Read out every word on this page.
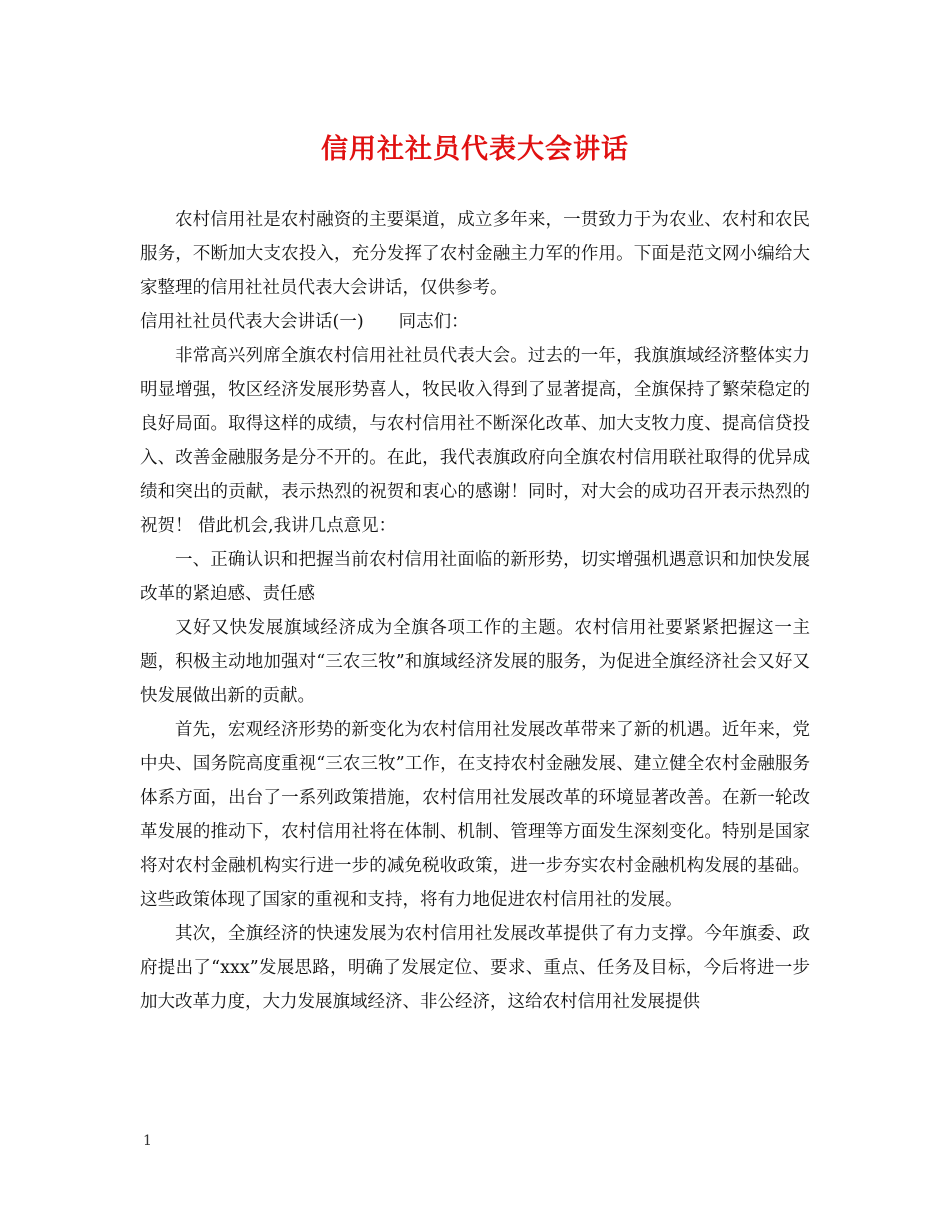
信用社社员代表大会讲话

农村信用社是农村融资的主要渠道，成立多年来，一贯致力于为农业、农村和农民服务，不断加大支农投入，充分发挥了农村金融主力军的作用。下面是范文网小编给大家整理的信用社社员代表大会讲话，仅供参考。

信用社社员代表大会讲话(一)　　同志们：

非常高兴列席全旗农村信用社社员代表大会。过去的一年，我旗旗域经济整体实力明显增强，牧区经济发展形势喜人，牧民收入得到了显著提高，全旗保持了繁荣稳定的良好局面。取得这样的成绩，与农村信用社不断深化改革、加大支牧力度、提高信贷投入、改善金融服务是分不开的。在此，我代表旗政府向全旗农村信用联社取得的优异成绩和突出的贡献，表示热烈的祝贺和衷心的感谢！同时，对大会的成功召开表示热烈的祝贺！ 借此机会,我讲几点意见：

一、正确认识和把握当前农村信用社面临的新形势，切实增强机遇意识和加快发展改革的紧迫感、责任感

又好又快发展旗域经济成为全旗各项工作的主题。农村信用社要紧紧把握这一主题，积极主动地加强对“三农三牧”和旗域经济发展的服务，为促进全旗经济社会又好又快发展做出新的贡献。

首先，宏观经济形势的新变化为农村信用社发展改革带来了新的机遇。近年来，党中央、国务院高度重视“三农三牧”工作，在支持农村金融发展、建立健全农村金融服务体系方面，出台了一系列政策措施，农村信用社发展改革的环境显著改善。在新一轮改革发展的推动下，农村信用社将在体制、机制、管理等方面发生深刻变化。特别是国家将对农村金融机构实行进一步的减免税收政策，进一步夯实农村金融机构发展的基础。这些政策体现了国家的重视和支持，将有力地促进农村信用社的发展。

其次，全旗经济的快速发展为农村信用社发展改革提供了有力支撑。今年旗委、政府提出了“xxx”发展思路，明确了发展定位、要求、重点、任务及目标，今后将进一步加大改革力度，大力发展旗域经济、非公经济，这给农村信用社发展提供

1
